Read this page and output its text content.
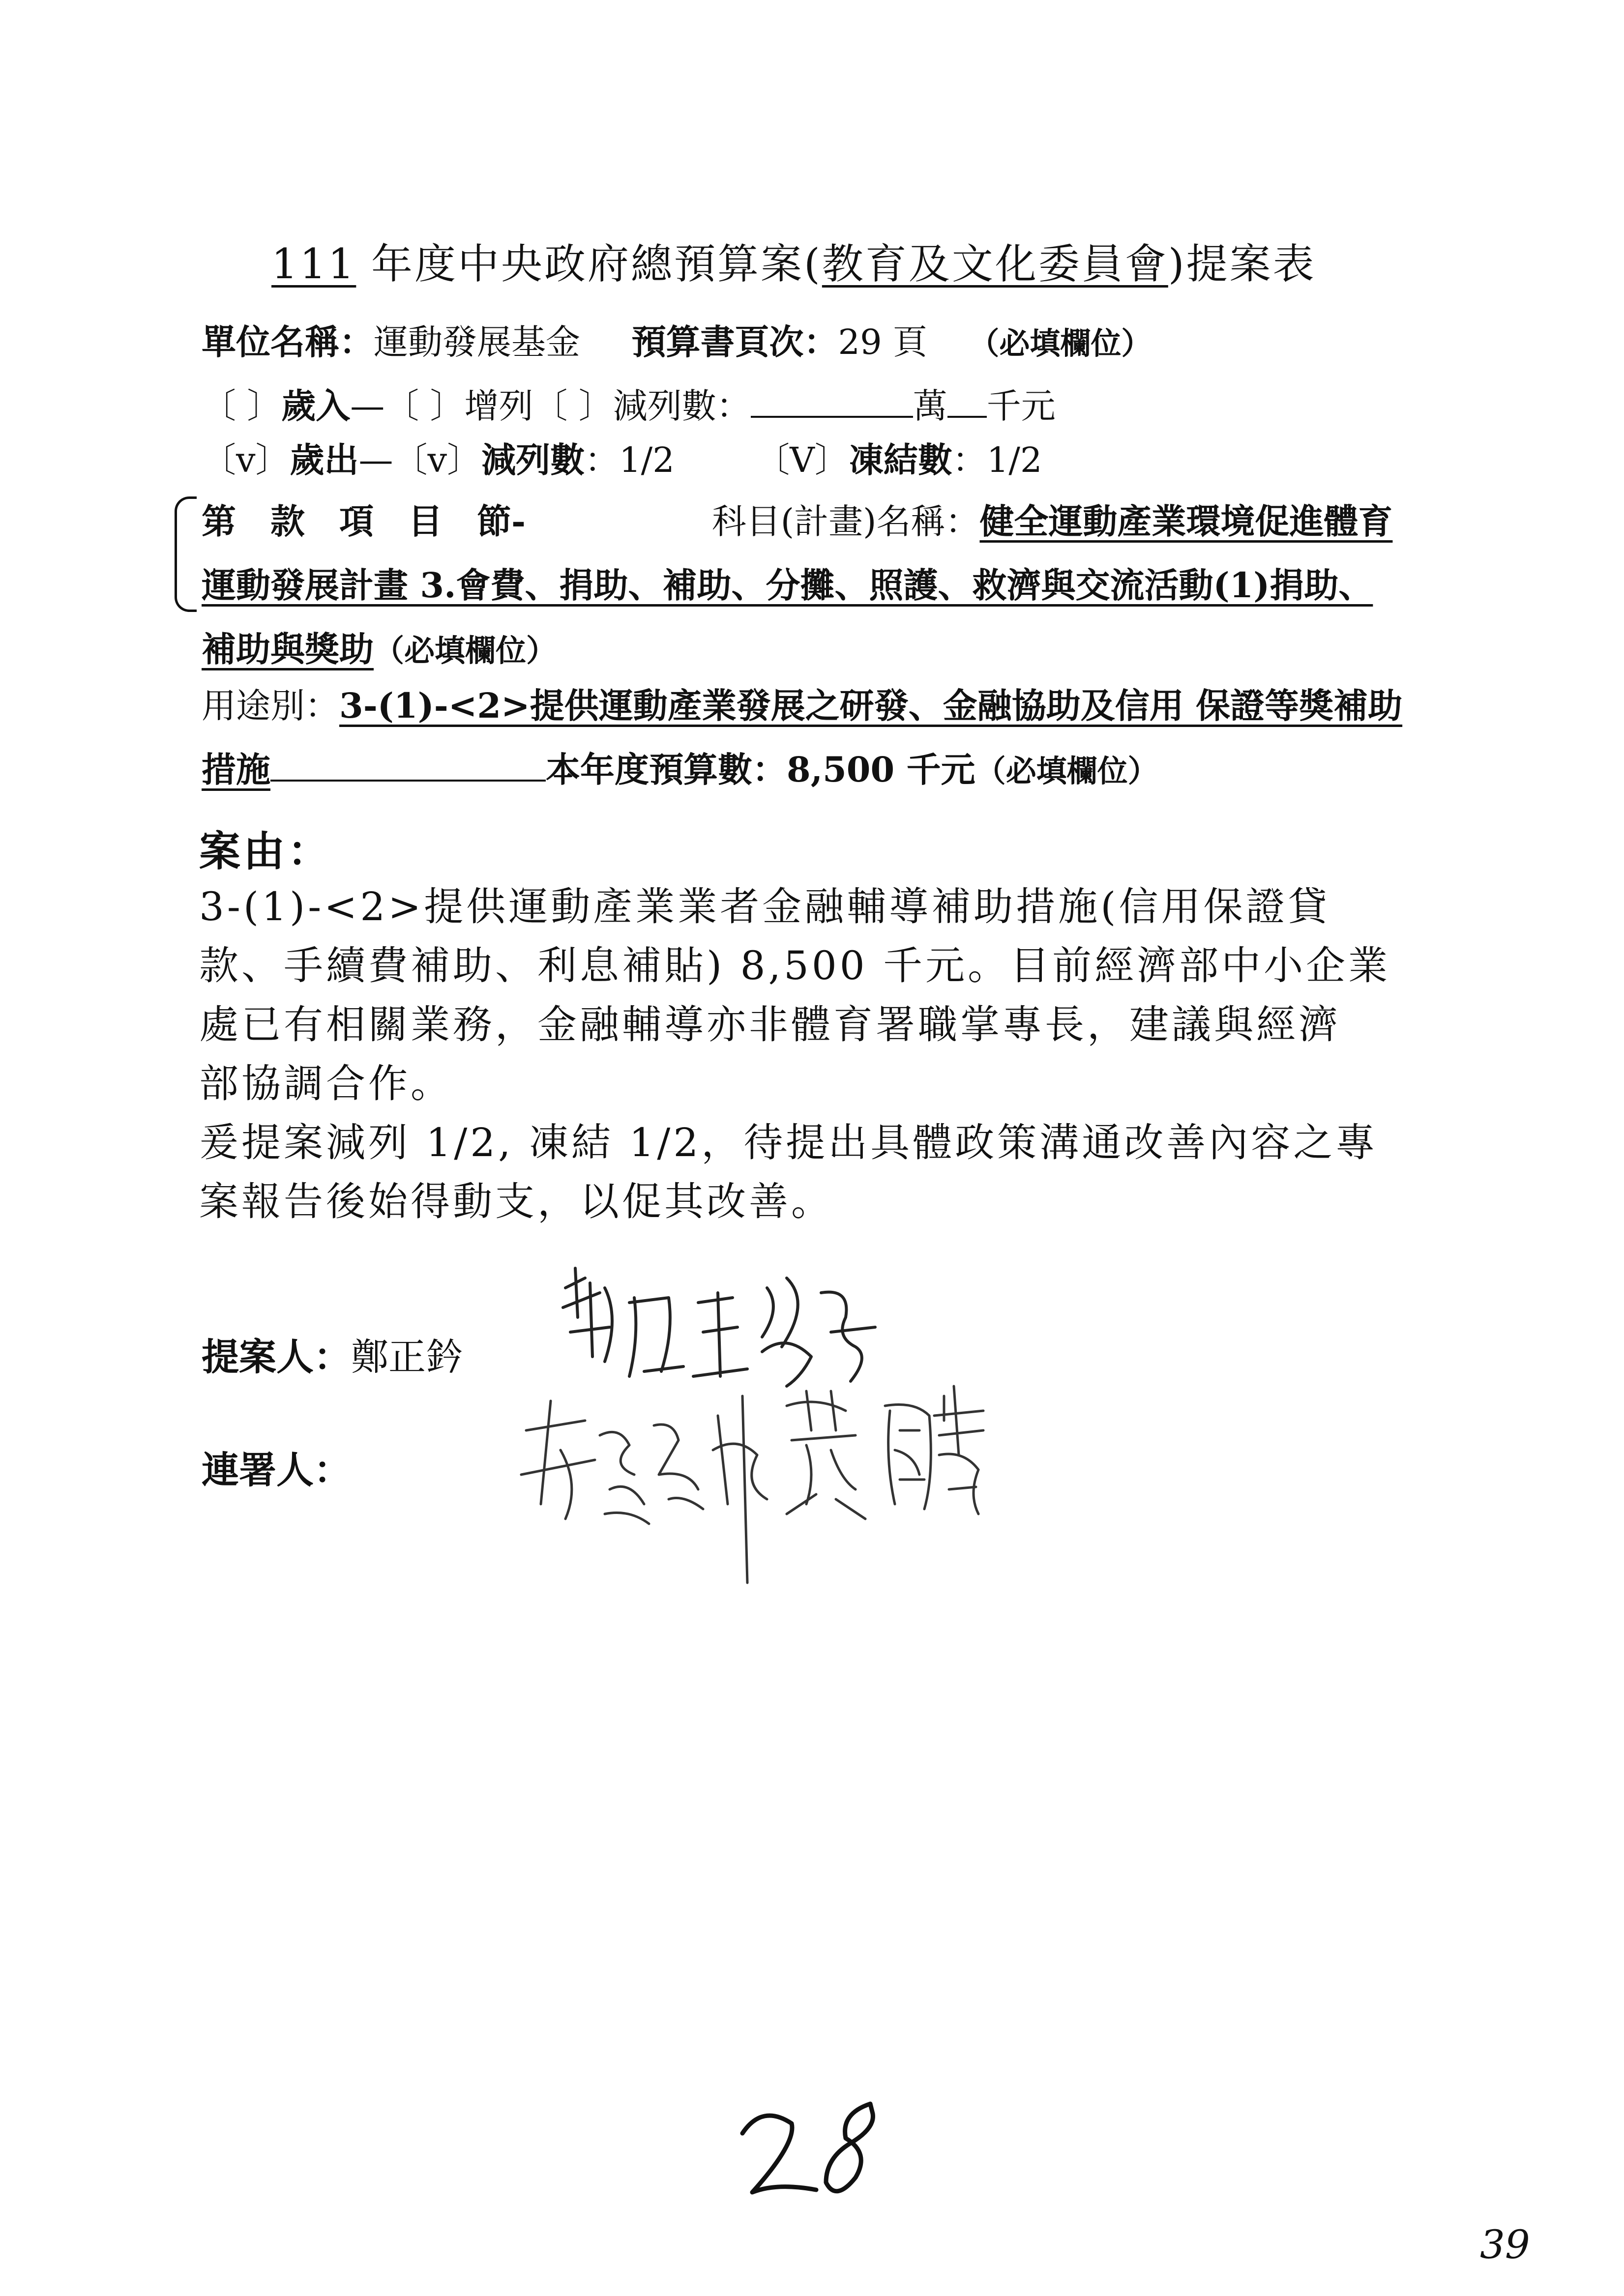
111 年度中央政府總預算案(教育及文化委員會)提案表
單位名稱：運動發展基金 預算書頁次：29 頁 （必填欄位）
〔 〕歲入—〔 〕增列〔 〕減列數：	萬 千元
〔v〕歲出—〔v〕減列數：1/2 〔V〕凍結數：1/2
第　款　項　目　節-	科目(計畫)名稱：健全運動產業環境促進體育
運動發展計畫 3.會費、捐助、補助、分攤、照護、救濟與交流活動(1)捐助、
補助與獎助（必填欄位）
用途別：3-(1)-<2>提供運動產業發展之研發、金融協助及信用 保證等獎補助
措施	本年度預算數：8,500 千元（必填欄位）
案由：
3-(1)-<2>提供運動產業業者金融輔導補助措施(信用保證貸
款、手續費補助、利息補貼) 8,500 千元。目前經濟部中小企業
處已有相關業務，金融輔導亦非體育署職掌專長，建議與經濟
部協調合作。
爰提案減列 1/2, 凍結 1/2，待提出具體政策溝通改善內容之專
案報告後始得動支，以促其改善。
提案人：鄭正鈐
連署人：
39
